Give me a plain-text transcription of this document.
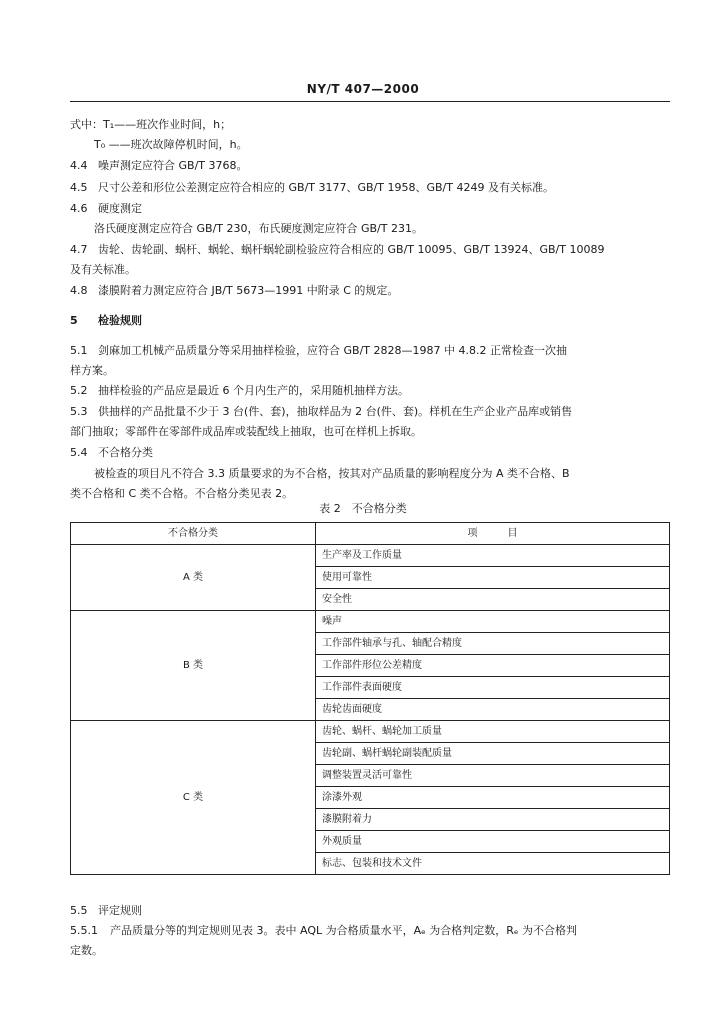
NY/T 407—2000
式中：T₁——班次作业时间，h；
T₀ ——班次故障停机时间，h。
4.4 噪声测定应符合 GB/T 3768。
4.5 尺寸公差和形位公差测定应符合相应的 GB/T 3177、GB/T 1958、GB/T 4249 及有关标准。
4.6 硬度测定
洛氏硬度测定应符合 GB/T 230，布氏硬度测定应符合 GB/T 231。
4.7 齿轮、齿轮副、蜗杆、蜗轮、蜗杆蜗轮副检验应符合相应的 GB/T 10095、GB/T 13924、GB/T 10089
及有关标准。
4.8 漆膜附着力测定应符合 JB/T 5673—1991 中附录 C 的规定。
5 检验规则
5.1 剑麻加工机械产品质量分等采用抽样检验，应符合 GB/T 2828—1987 中 4.8.2 正常检查一次抽
样方案。
5.2 抽样检验的产品应是最近 6 个月内生产的，采用随机抽样方法。
5.3 供抽样的产品批量不少于 3 台(件、套)，抽取样品为 2 台(件、套)。样机在生产企业产品库或销售
部门抽取；零部件在零部件成品库或装配线上抽取，也可在样机上拆取。
5.4 不合格分类
被检查的项目凡不符合 3.3 质量要求的为不合格，按其对产品质量的影响程度分为 A 类不合格、B
类不合格和 C 类不合格。不合格分类见表 2。
表 2　不合格分类
不合格分类	项　　　目
A 类	生产率及工作质量
	使用可靠性
	安全性
B 类	噪声
	工作部件轴承与孔、轴配合精度
	工作部件形位公差精度
	工作部件表面硬度
	齿轮齿面硬度
C 类	齿轮、蜗杆、蜗轮加工质量
	齿轮副、蜗杆蜗轮副装配质量
	调整装置灵活可靠性
	涂漆外观
	漆膜附着力
	外观质量
	标志、包装和技术文件
5.5 评定规则
5.5.1 产品质量分等的判定规则见表 3。表中 AQL 为合格质量水平，Aₑ 为合格判定数，Rₑ 为不合格判
定数。
